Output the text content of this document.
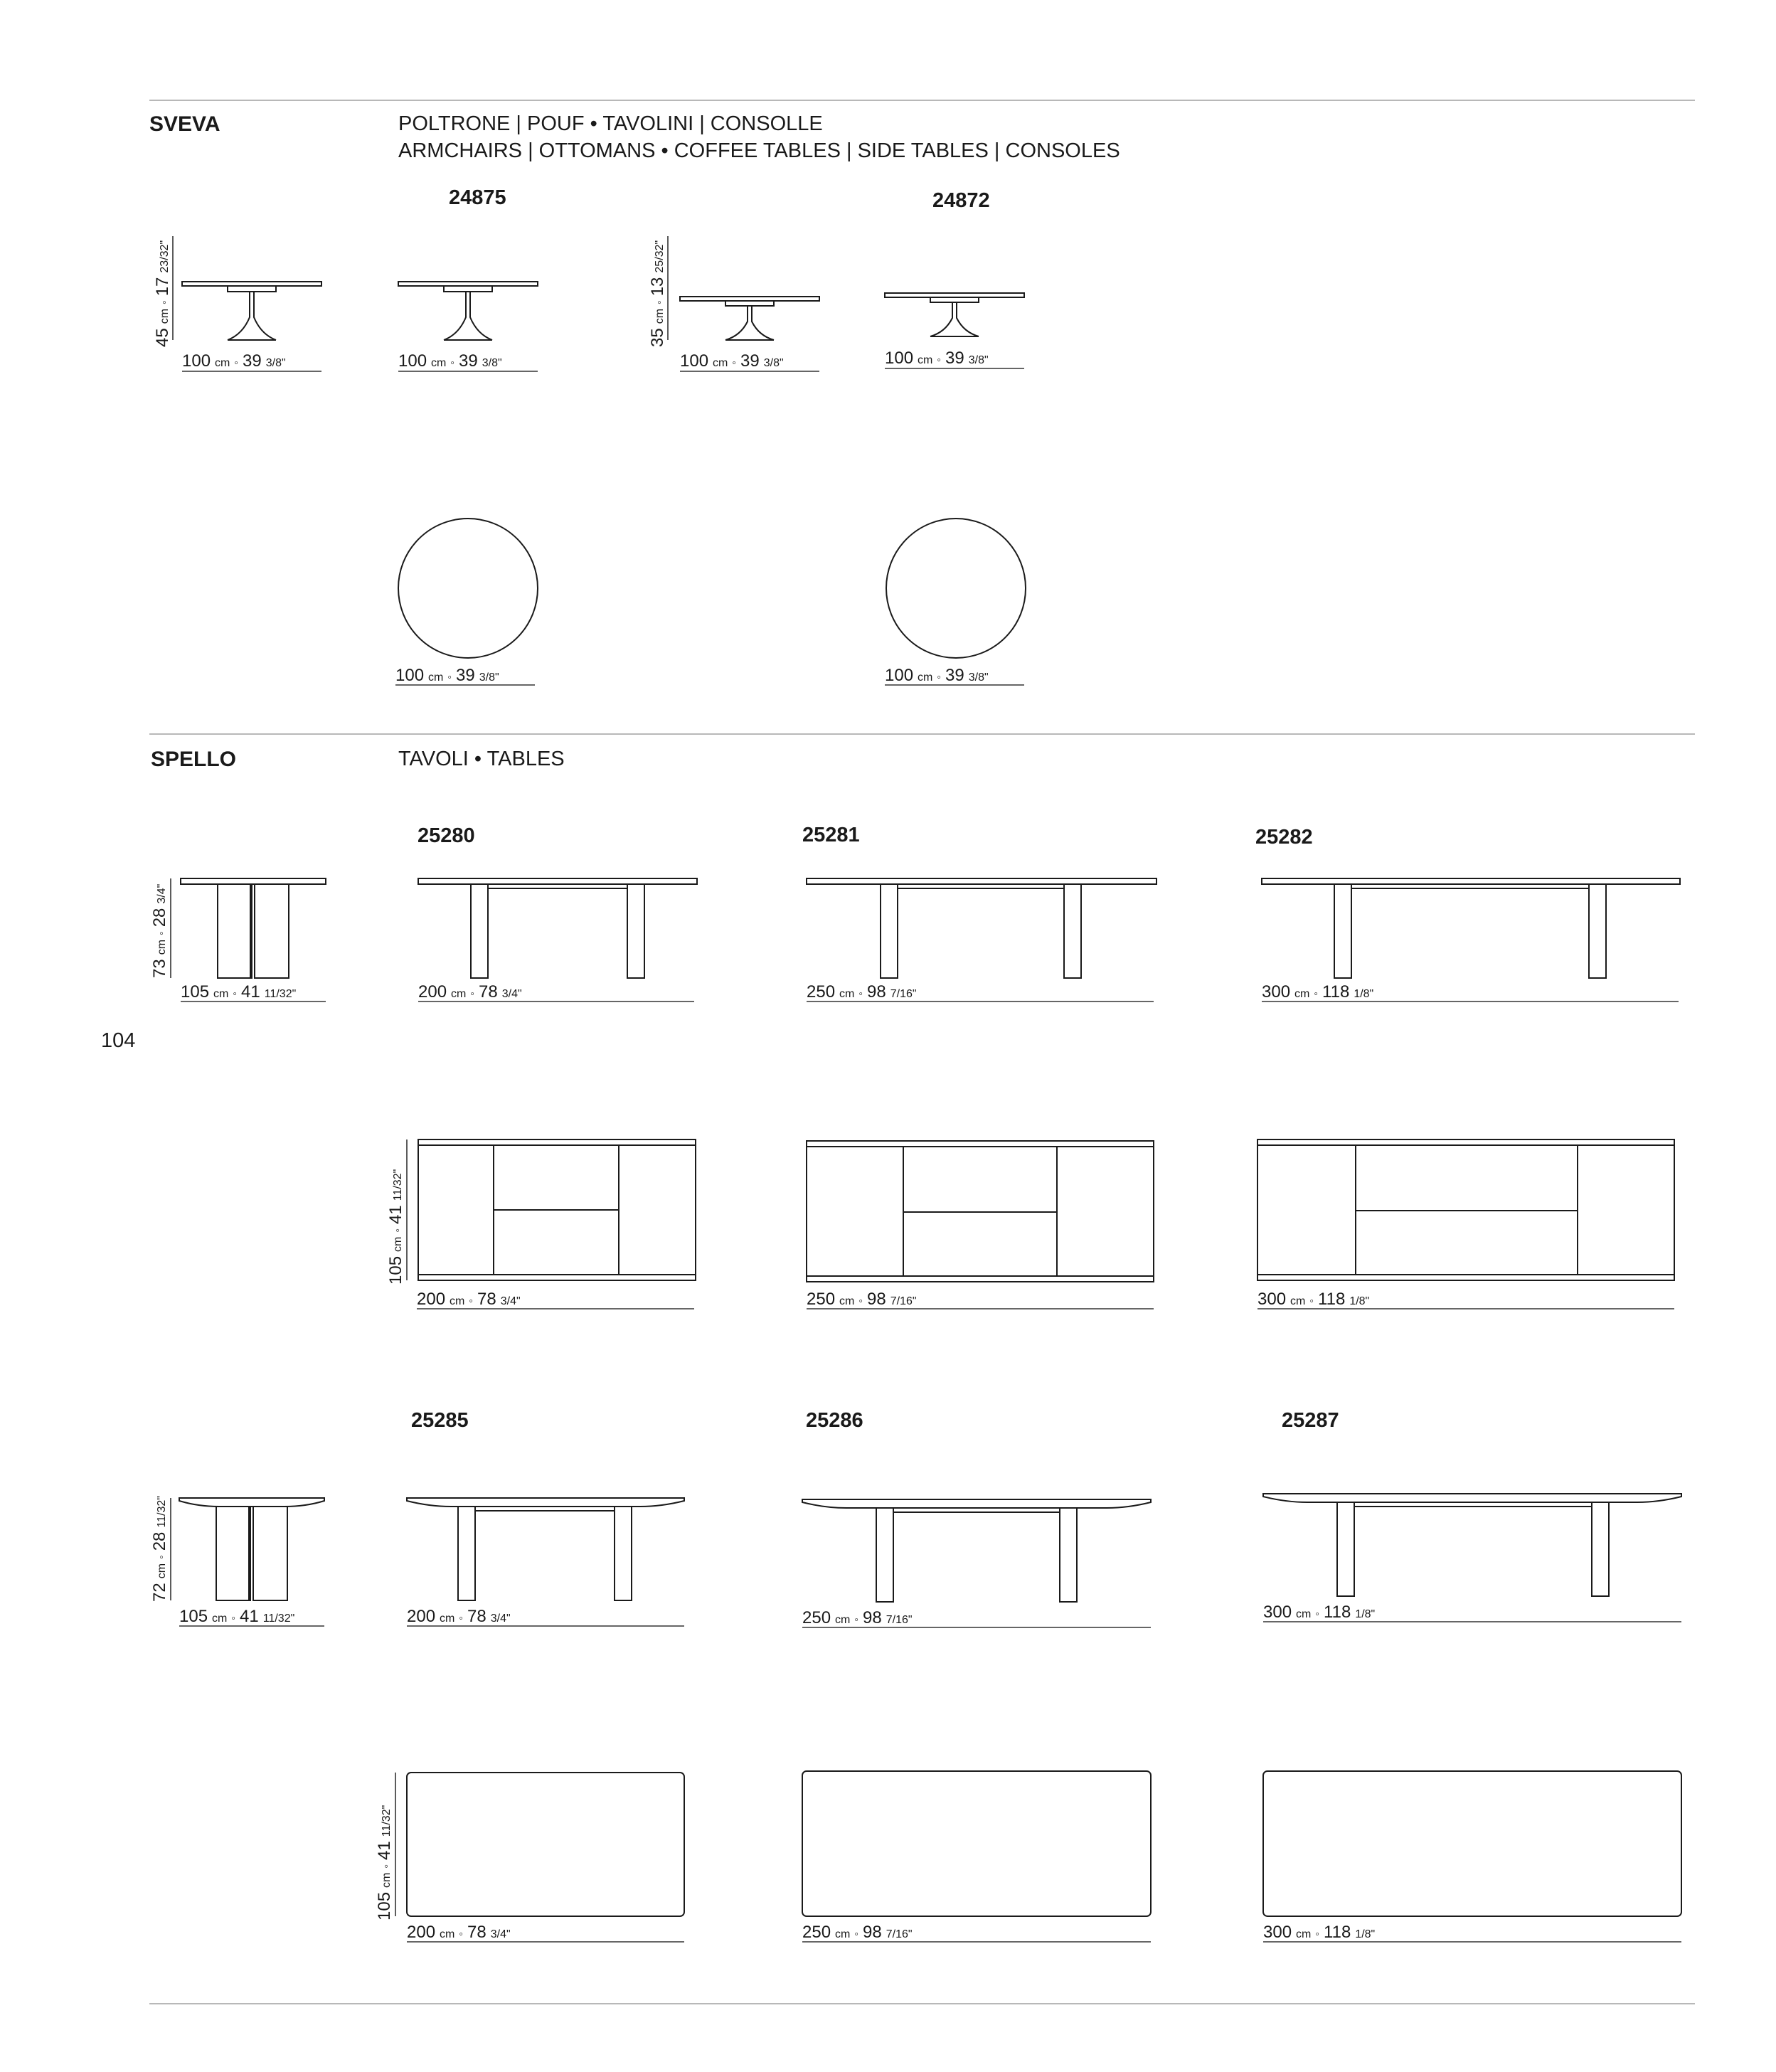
SVEVA	POLTRONE | POUF • TAVOLINI | CONSOLLE
ARMCHAIRS | OTTOMANS • COFFEE TABLES | SIDE TABLES | CONSOLES
24875	24872
SPELLO	TAVOLI • TABLES
25280	25281	25282
25285	25286	25287
104
100 cm ◦ 39 3/8"	100 cm ◦ 39 3/8"	100 cm ◦ 39 3/8"	100 cm ◦ 39 3/8"
100 cm ◦ 39 3/8"	100 cm ◦ 39 3/8"
45cm◦1723/32"
35cm◦1325/32"
105 cm ◦ 41 11/32"	200 cm ◦ 78 3/4"	250 cm ◦ 98 7/16"	300 cm ◦ 118 1/8"
200 cm ◦ 78 3/4"	250 cm ◦ 98 7/16"	300 cm ◦ 118 1/8"
73cm◦283/4"
105cm◦4111/32"
105 cm ◦ 41 11/32"	200 cm ◦ 78 3/4"	250 cm ◦ 98 7/16"	300 cm ◦ 118 1/8"
200 cm ◦ 78 3/4"	250 cm ◦ 98 7/16"	300 cm ◦ 118 1/8"
72cm◦2811/32"
105cm◦4111/32"
